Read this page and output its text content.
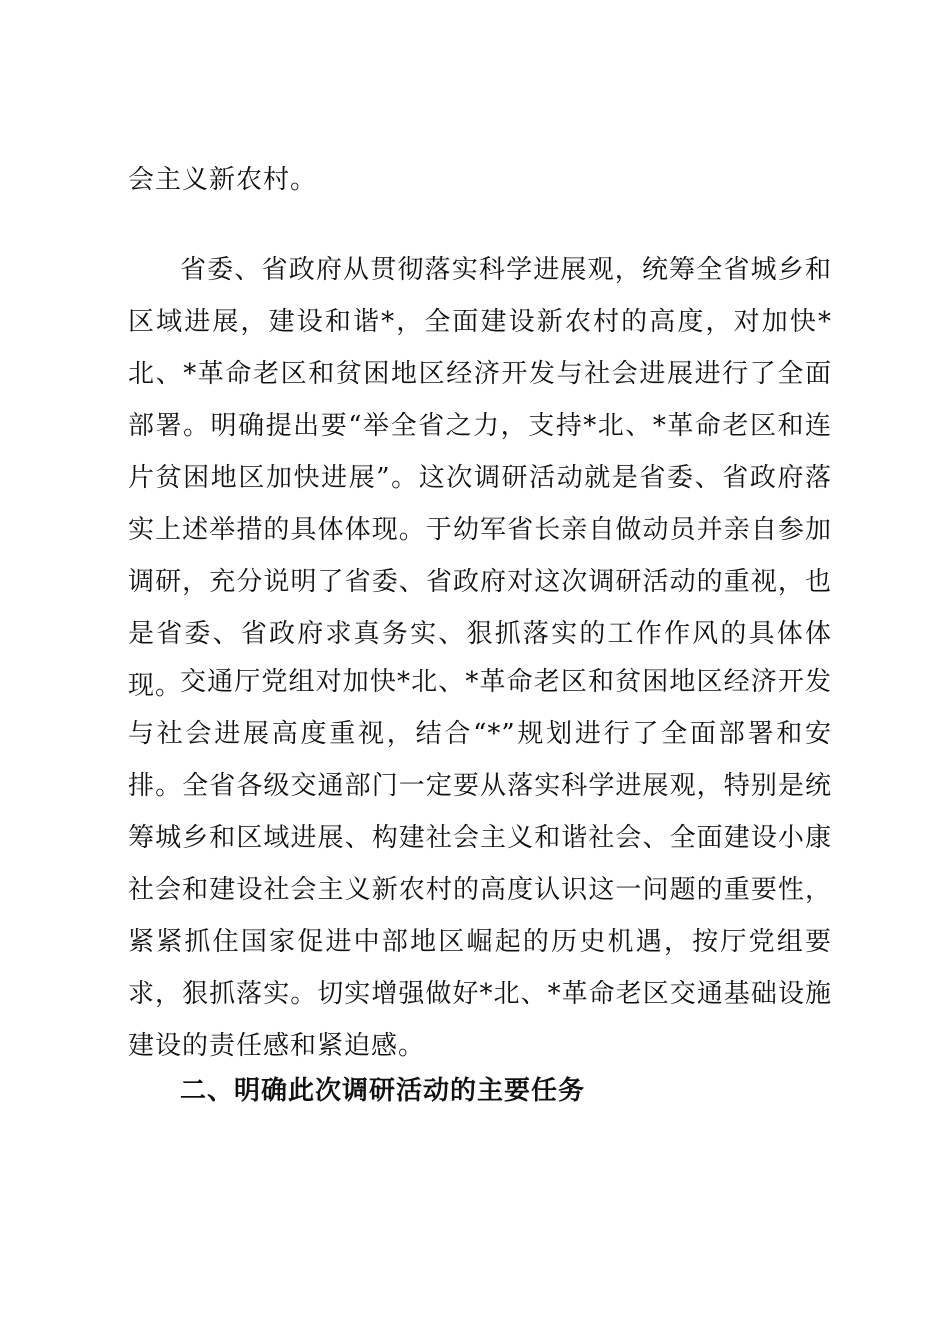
会主义新农村。

省委、省政府从贯彻落实科学进展观，统筹全省城乡和区域进展，建设和谐*，全面建设新农村的高度，对加快*北、*革命老区和贫困地区经济开发与社会进展进行了全面部署。明确提出要“举全省之力，支持*北、*革命老区和连片贫困地区加快进展”。这次调研活动就是省委、省政府落实上述举措的具体体现。于幼军省长亲自做动员并亲自参加调研，充分说明了省委、省政府对这次调研活动的重视，也是省委、省政府求真务实、狠抓落实的工作作风的具体体现。

交通厅党组对加快*北、*革命老区和贫困地区经济开发与社会进展高度重视，结合“*”规划进行了全面部署和安排。全省各级交通部门一定要从落实科学进展观，特别是统筹城乡和区域进展、构建社会主义和谐社会、全面建设小康社会和建设社会主义新农村的高度认识这一问题的重要性，紧紧抓住国家促进中部地区崛起的历史机遇，按厅党组要求，狠抓落实。切实增强做好*北、*革命老区交通基础设施建设的责任感和紧迫感。

二、明确此次调研活动的主要任务
